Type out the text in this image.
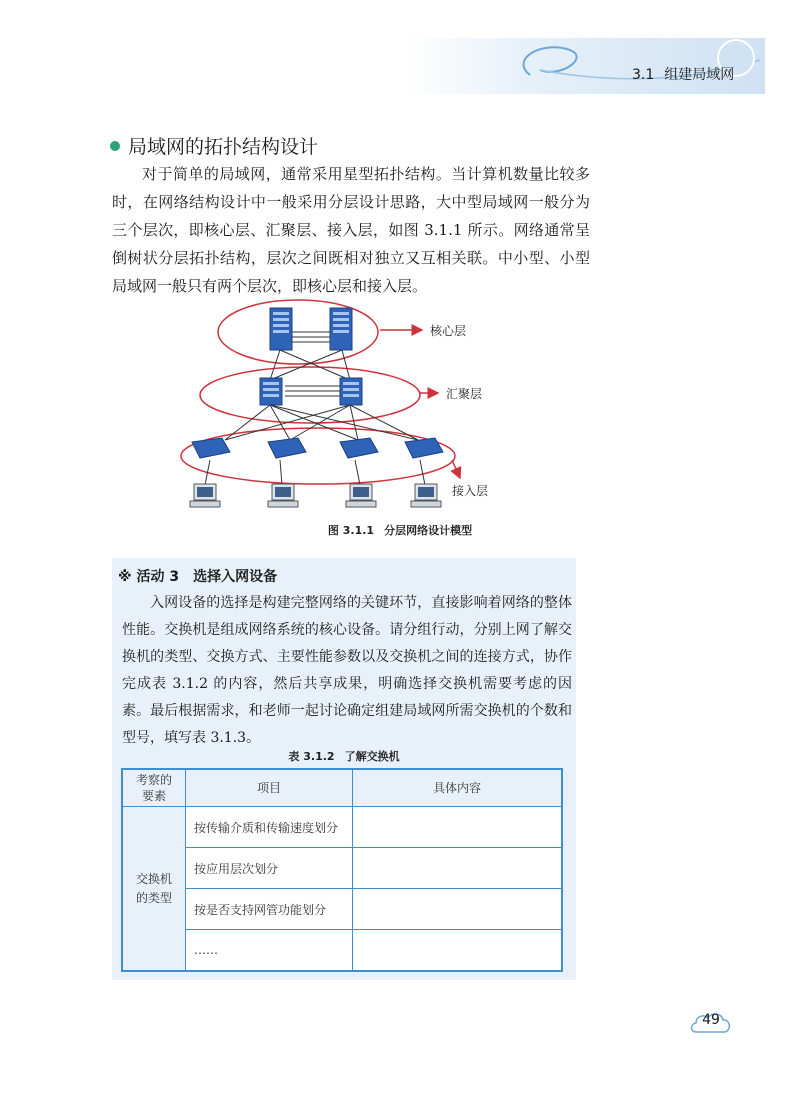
3.1 组建局域网
局域网的拓扑结构设计

对于简单的局域网，通常采用星型拓扑结构。当计算机数量比较多时，在网络结构设计中一般采用分层设计思路，大中型局域网一般分为三个层次，即核心层、汇聚层、接入层，如图 3.1.1 所示。网络通常呈倒树状分层拓扑结构，层次之间既相对独立又互相关联。中小型、小型局域网一般只有两个层次，即核心层和接入层。

核心层
汇聚层
接入层
图 3.1.1 分层网络设计模型
※ 活动 3 选择入网设备

入网设备的选择是构建完整网络的关键环节，直接影响着网络的整体性能。交换机是组成网络系统的核心设备。请分组行动，分别上网了解交换机的类型、交换方式、主要性能参数以及交换机之间的连接方式，协作完成表 3.1.2 的内容，然后共享成果，明确选择交换机需要考虑的因素。最后根据需求，和老师一起讨论确定组建局域网所需交换机的个数和型号，填写表 3.1.3。

表 3.1.2 了解交换机
考察的
要素	项目	具体内容

交换机
的类型	按传输介质和传输速度划分	
	按应用层次划分	
	按是否支持网管功能划分	
	……	
49
